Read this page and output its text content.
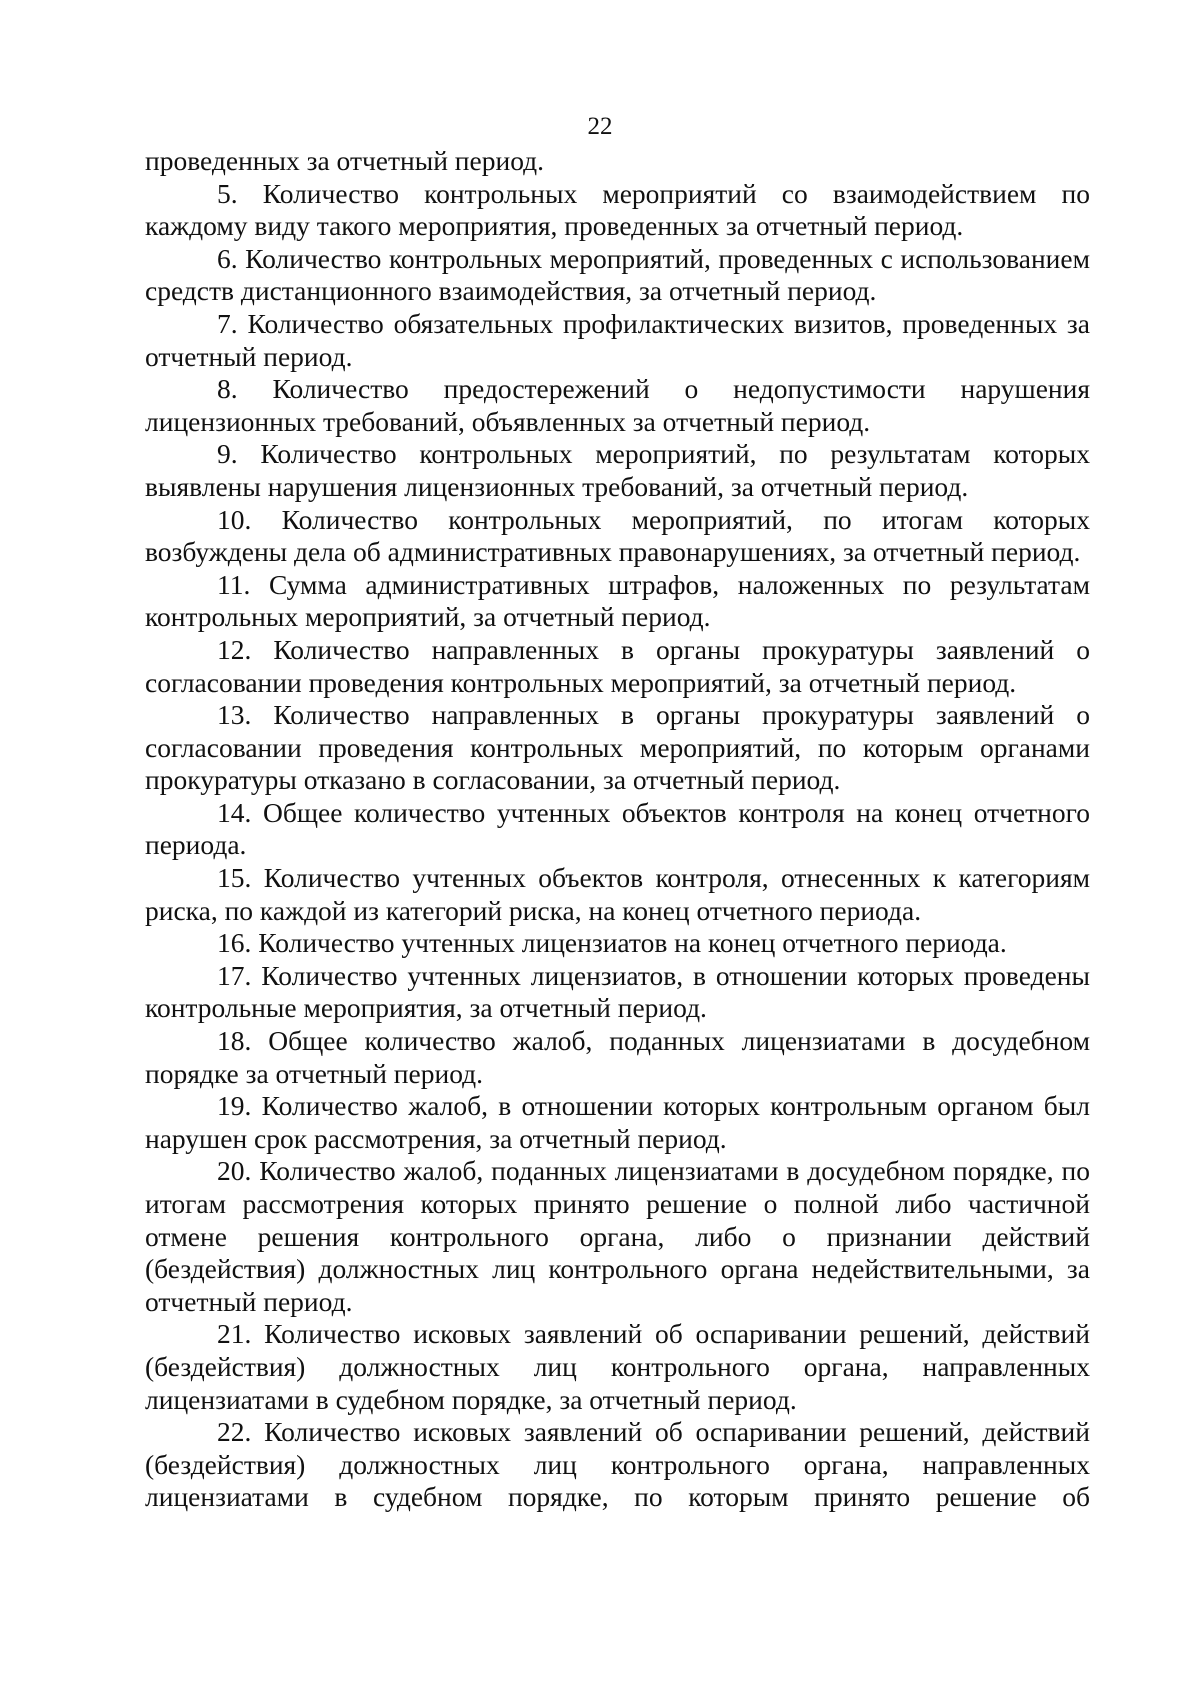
22

проведенных за отчетный период.

5. Количество контрольных мероприятий со взаимодействием по каждому виду такого мероприятия, проведенных за отчетный период.

6. Количество контрольных мероприятий, проведенных с использованием средств дистанционного взаимодействия, за отчетный период.

7. Количество обязательных профилактических визитов, проведенных за отчетный период.

8. Количество предостережений о недопустимости нарушения лицензионных требований, объявленных за отчетный период.

9. Количество контрольных мероприятий, по результатам которых выявлены нарушения лицензионных требований, за отчетный период.

10. Количество контрольных мероприятий, по итогам которых возбуждены дела об административных правонарушениях, за отчетный период.

11. Сумма административных штрафов, наложенных по результатам контрольных мероприятий, за отчетный период.

12. Количество направленных в органы прокуратуры заявлений о согласовании проведения контрольных мероприятий, за отчетный период.

13. Количество направленных в органы прокуратуры заявлений о согласовании проведения контрольных мероприятий, по которым органами прокуратуры отказано в согласовании, за отчетный период.

14. Общее количество учтенных объектов контроля на конец отчетного периода.

15. Количество учтенных объектов контроля, отнесенных к категориям риска, по каждой из категорий риска, на конец отчетного периода.

16. Количество учтенных лицензиатов на конец отчетного периода.

17. Количество учтенных лицензиатов, в отношении которых проведены контрольные мероприятия, за отчетный период.

18. Общее количество жалоб, поданных лицензиатами в досудебном порядке за отчетный период.

19. Количество жалоб, в отношении которых контрольным органом был нарушен срок рассмотрения, за отчетный период.

20. Количество жалоб, поданных лицензиатами в досудебном порядке, по итогам рассмотрения которых принято решение о полной либо частичной отмене решения контрольного органа, либо о признании действий (бездействия) должностных лиц контрольного органа недействительными, за отчетный период.

21. Количество исковых заявлений об оспаривании решений, действий (бездействия) должностных лиц контрольного органа, направленных лицензиатами в судебном порядке, за отчетный период.

22. Количество исковых заявлений об оспаривании решений, действий (бездействия) должностных лиц контрольного органа, направленных лицензиатами в судебном порядке, по которым принято решение об
